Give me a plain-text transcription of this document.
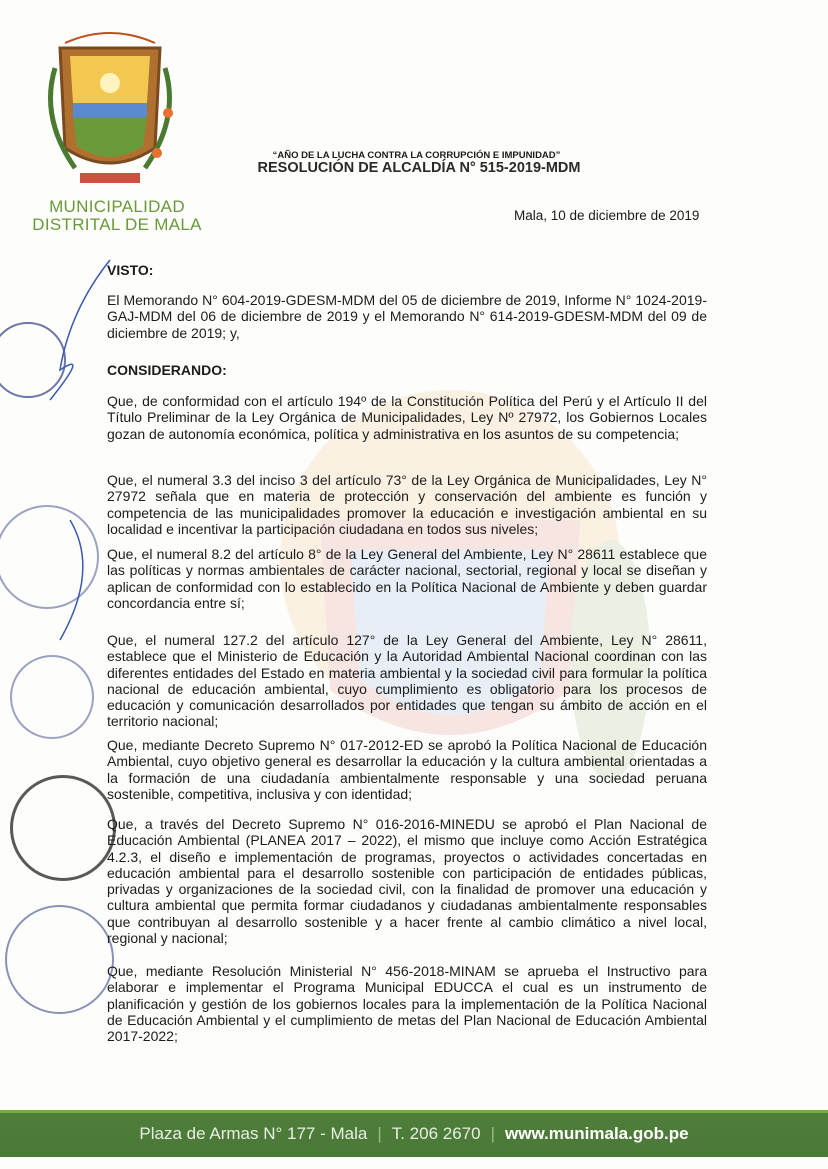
MUNICIPALIDAD
DISTRITAL DE MALA
“AÑO DE LA LUCHA CONTRA LA CORRUPCIÓN E IMPUNIDAD”
RESOLUCIÓN DE ALCALDÍA N° 515-2019-MDM
Mala, 10 de diciembre de 2019
VISTO:

El Memorando N° 604-2019-GDESM-MDM del 05 de diciembre de 2019, Informe N° 1024-2019-GAJ-MDM del 06 de diciembre de 2019 y el Memorando N° 614-2019-GDESM-MDM del 09 de diciembre de 2019; y,

CONSIDERANDO:

Que, de conformidad con el artículo 194º de la Constitución Política del Perú y el Artículo II del Título Preliminar de la Ley Orgánica de Municipalidades, Ley Nº 27972, los Gobiernos Locales gozan de autonomía económica, política y administrativa en los asuntos de su competencia;

Que, el numeral 3.3 del inciso 3 del artículo 73° de la Ley Orgánica de Municipalidades, Ley N° 27972 señala que en materia de protección y conservación del ambiente es función y competencia de las municipalidades promover la educación e investigación ambiental en su localidad e incentivar la participación ciudadana en todos sus niveles;

Que, el numeral 8.2 del artículo 8° de la Ley General del Ambiente, Ley N° 28611 establece que las políticas y normas ambientales de carácter nacional, sectorial, regional y local se diseñan y aplican de conformidad con lo establecido en la Política Nacional de Ambiente y deben guardar concordancia entre sí;

Que, el numeral 127.2 del artículo 127° de la Ley General del Ambiente, Ley N° 28611, establece que el Ministerio de Educación y la Autoridad Ambiental Nacional coordinan con las diferentes entidades del Estado en materia ambiental y la sociedad civil para formular la política nacional de educación ambiental, cuyo cumplimiento es obligatorio para los procesos de educación y comunicación desarrollados por entidades que tengan su ámbito de acción en el territorio nacional;

Que, mediante Decreto Supremo N° 017-2012-ED se aprobó la Política Nacional de Educación Ambiental, cuyo objetivo general es desarrollar la educación y la cultura ambiental orientadas a la formación de una ciudadanía ambientalmente responsable y una sociedad peruana sostenible, competitiva, inclusiva y con identidad;

Que, a través del Decreto Supremo N° 016-2016-MINEDU se aprobó el Plan Nacional de Educación Ambiental (PLANEA 2017 – 2022), el mismo que incluye como Acción Estratégica 4.2.3, el diseño e implementación de programas, proyectos o actividades concertadas en educación ambiental para el desarrollo sostenible con participación de entidades públicas, privadas y organizaciones de la sociedad civil, con la finalidad de promover una educación y cultura ambiental que permita formar ciudadanos y ciudadanas ambientalmente responsables que contribuyan al desarrollo sostenible y a hacer frente al cambio climático a nivel local, regional y nacional;

Que, mediante Resolución Ministerial N° 456-2018-MINAM se aprueba el Instructivo para elaborar e implementar el Programa Municipal EDUCCA el cual es un instrumento de planificación y gestión de los gobiernos locales para la implementación de la Política Nacional de Educación Ambiental y el cumplimiento de metas del Plan Nacional de Educación Ambiental 2017-2022;

Plaza de Armas N° 177 - Mala | T. 206 2670 | www.munimala.gob.pe
